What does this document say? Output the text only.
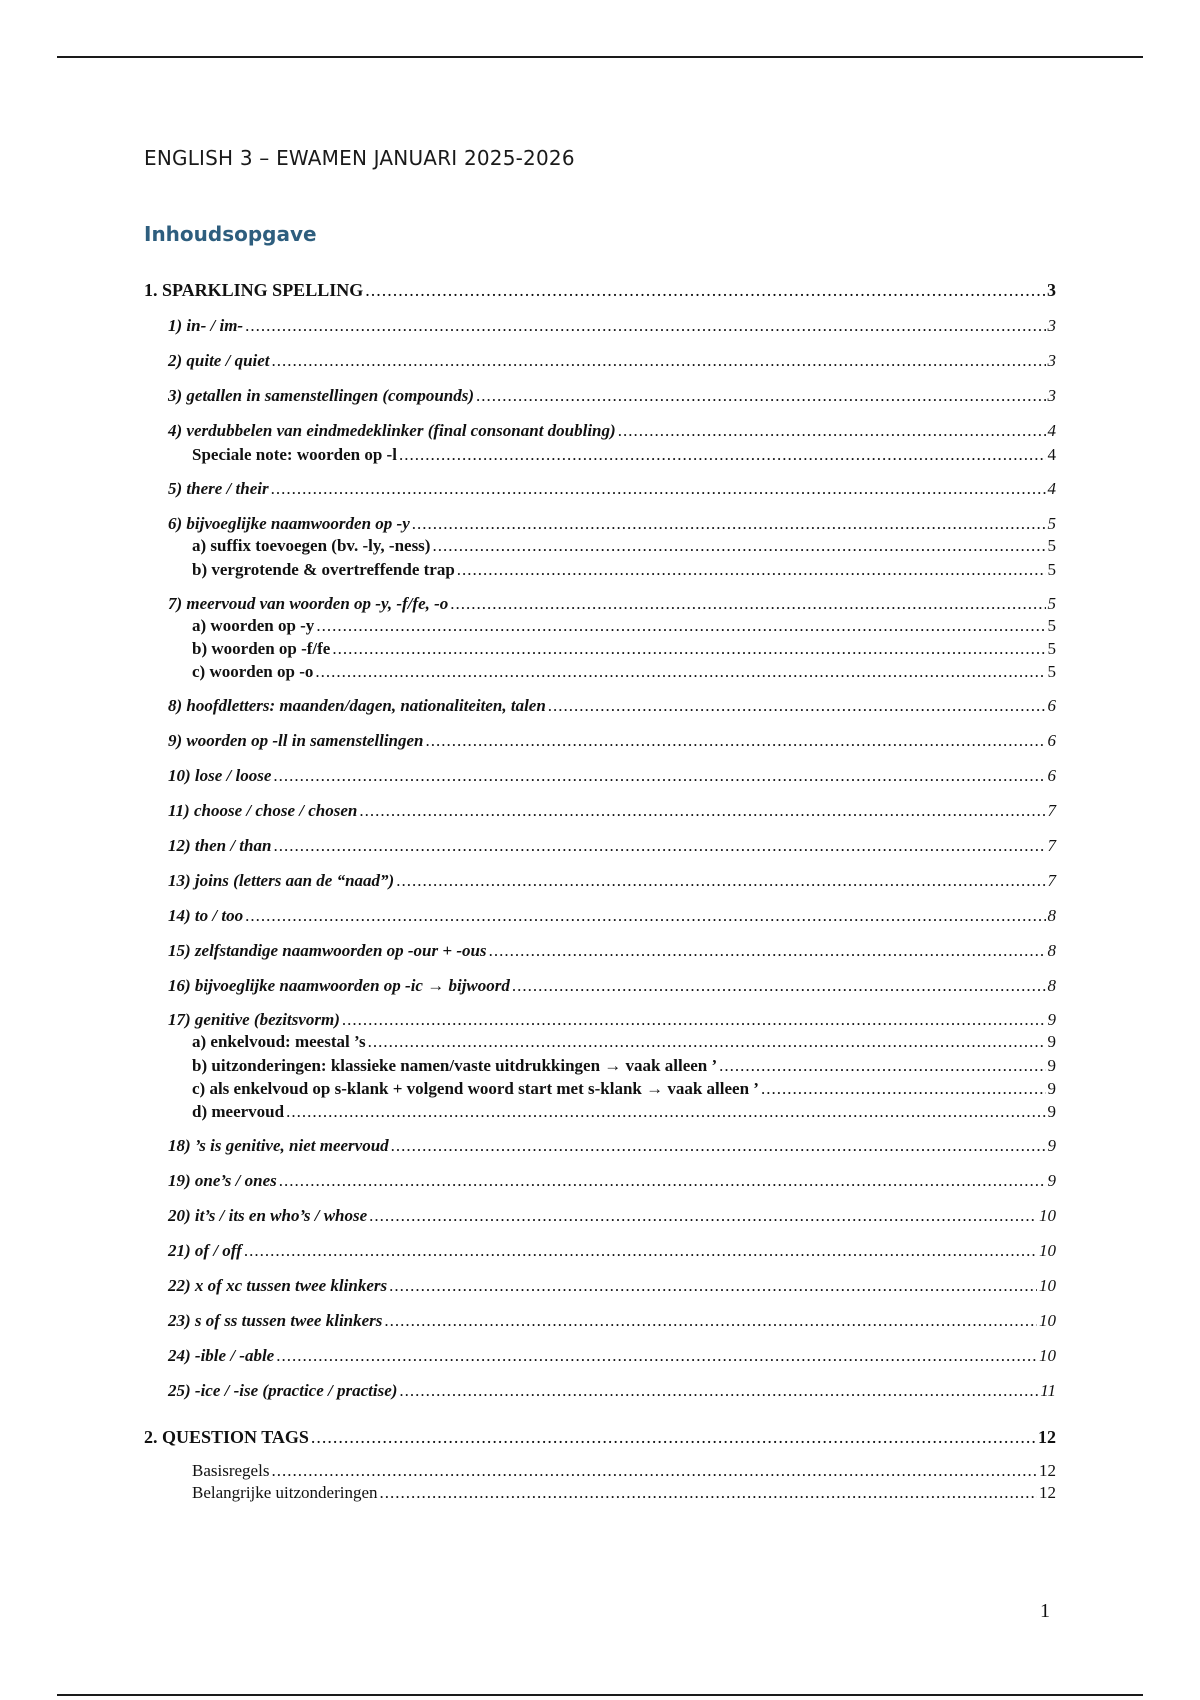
ENGLISH 3 – EWAMEN JANUARI 2025-2026
Inhoudsopgave
1. SPARKLING SPELLING .....	3
1) in- / im- .....	3
2) quite / quiet .....	3
3) getallen in samenstellingen (compounds) .....	3
4) verdubbelen van eindmedeklinker (final consonant doubling) .....	4
Speciale note: woorden op -l .....	4
5) there / their .....	4
6) bijvoeglijke naamwoorden op -y .....	5
a) suffix toevoegen (bv. -ly, -ness) .....	5
b) vergrotende & overtreffende trap .....	5
7) meervoud van woorden op -y, -f/fe, -o .....	5
a) woorden op -y .....	5
b) woorden op -f/fe .....	5
c) woorden op -o .....	5
8) hoofdletters: maanden/dagen, nationaliteiten, talen .....	6
9) woorden op -ll in samenstellingen .....	6
10) lose / loose .....	6
11) choose / chose / chosen .....	7
12) then / than .....	7
13) joins (letters aan de “naad”) .....	7
14) to / too .....	8
15) zelfstandige naamwoorden op -our + -ous .....	8
16) bijvoeglijke naamwoorden op -ic → bijwoord .....	8
17) genitive (bezitsvorm) .....	9
a) enkelvoud: meestal ’s .....	9
b) uitzonderingen: klassieke namen/vaste uitdrukkingen → vaak alleen ’ .....	9
c) als enkelvoud op s-klank + volgend woord start met s-klank → vaak alleen ’ .....	9
d) meervoud .....	9
18) ’s is genitive, niet meervoud .....	9
19) one’s / ones .....	9
20) it’s / its en who’s / whose .....	10
21) of / off .....	10
22) x of xc tussen twee klinkers .....	10
23) s of ss tussen twee klinkers .....	10
24) -ible / -able .....	10
25) -ice / -ise (practice / practise) .....	11
2. QUESTION TAGS .....	12
Basisregels .....	12
Belangrijke uitzonderingen .....	12
1
